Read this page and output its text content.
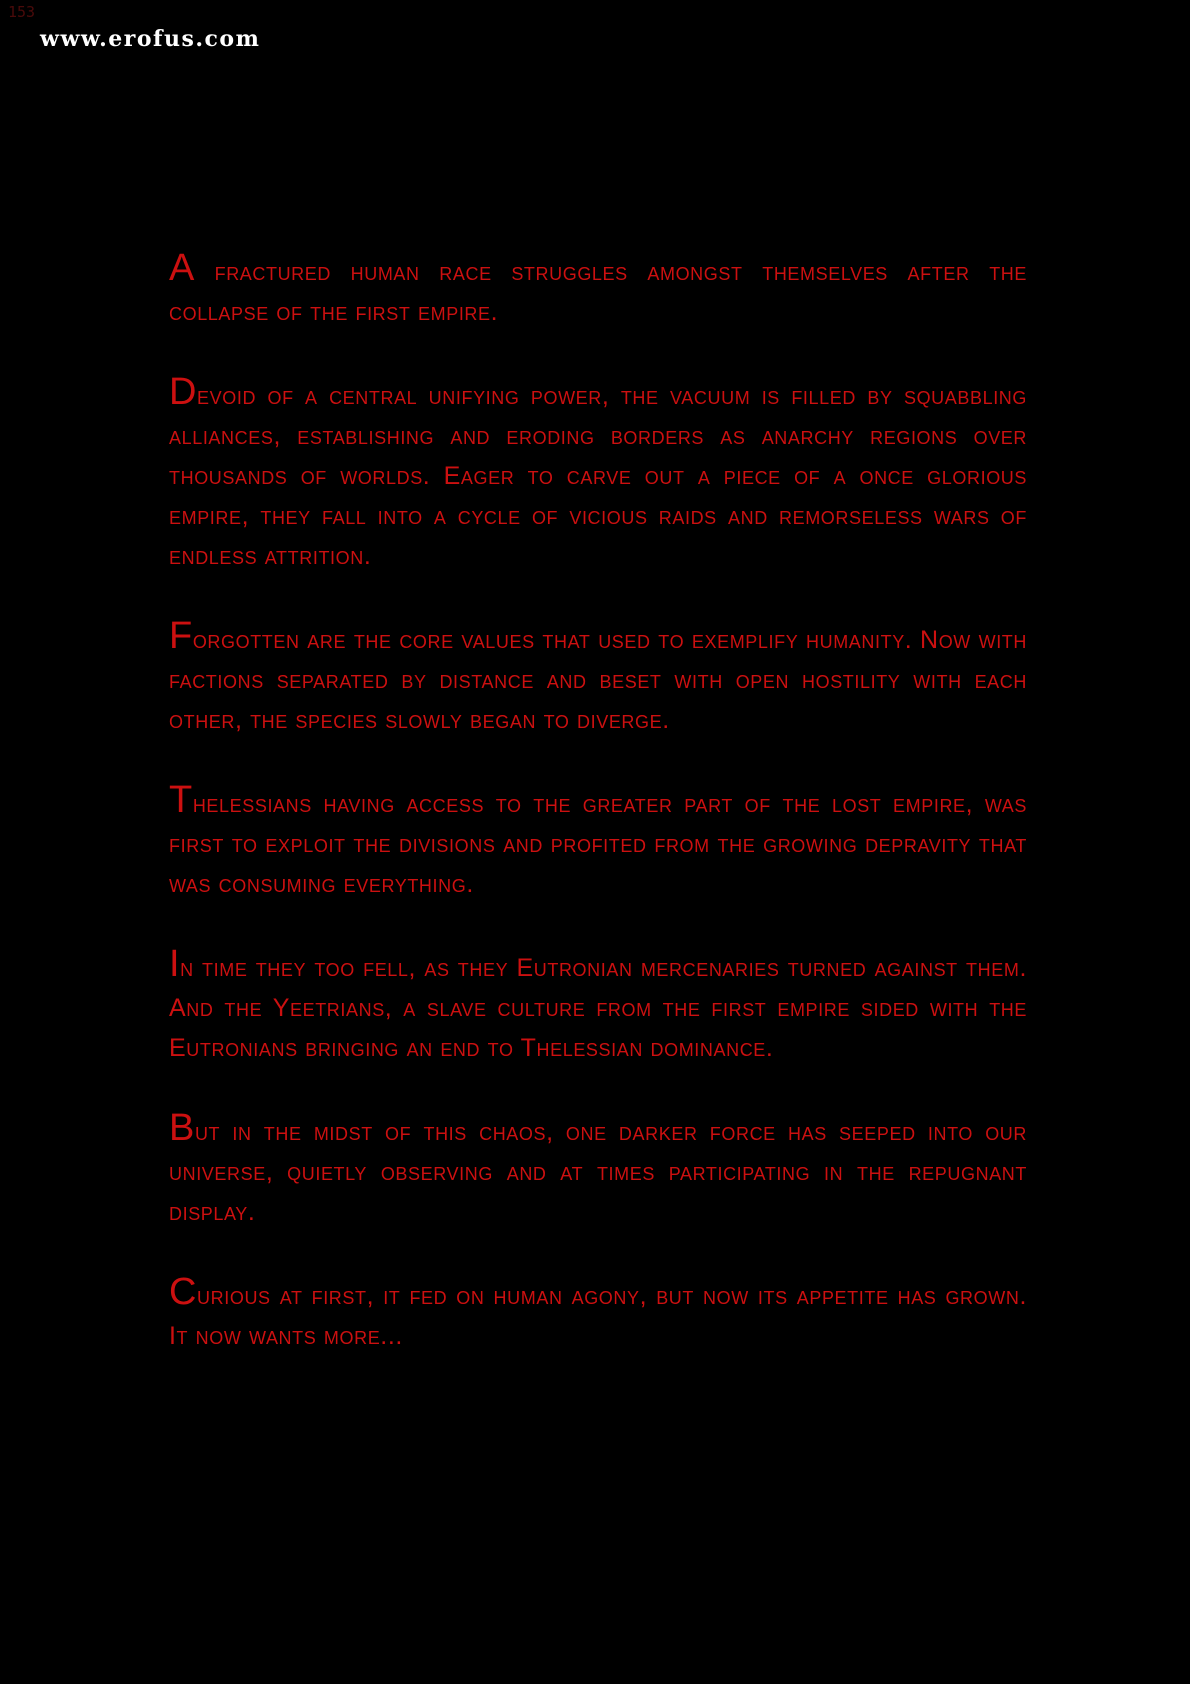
153
www.erofus.com

A fractured human race struggles amongst themselves after the collapse of the first empire.

Devoid of a central unifying power, the vacuum is filled by squabbling alliances, establishing and eroding borders as anarchy regions over thousands of worlds. Eager to carve out a piece of a once glorious empire, they fall into a cycle of vicious raids and remorseless wars of endless attrition.

Forgotten are the core values that used to exemplify humanity. Now with factions separated by distance and beset with open hostility with each other, the species slowly began to diverge.

Thelessians having access to the greater part of the lost empire, was first to exploit the divisions and profited from the growing depravity that was consuming everything.

In time they too fell, as they Eutronian mercenaries turned against them. And the Yeetrians, a slave culture from the first empire sided with the Eutronians bringing an end to Thelessian dominance.

But in the midst of this chaos, one darker force has seeped into our universe, quietly observing and at times participating in the repugnant display.

Curious at first, it fed on human agony, but now its appetite has grown. It now wants more...
